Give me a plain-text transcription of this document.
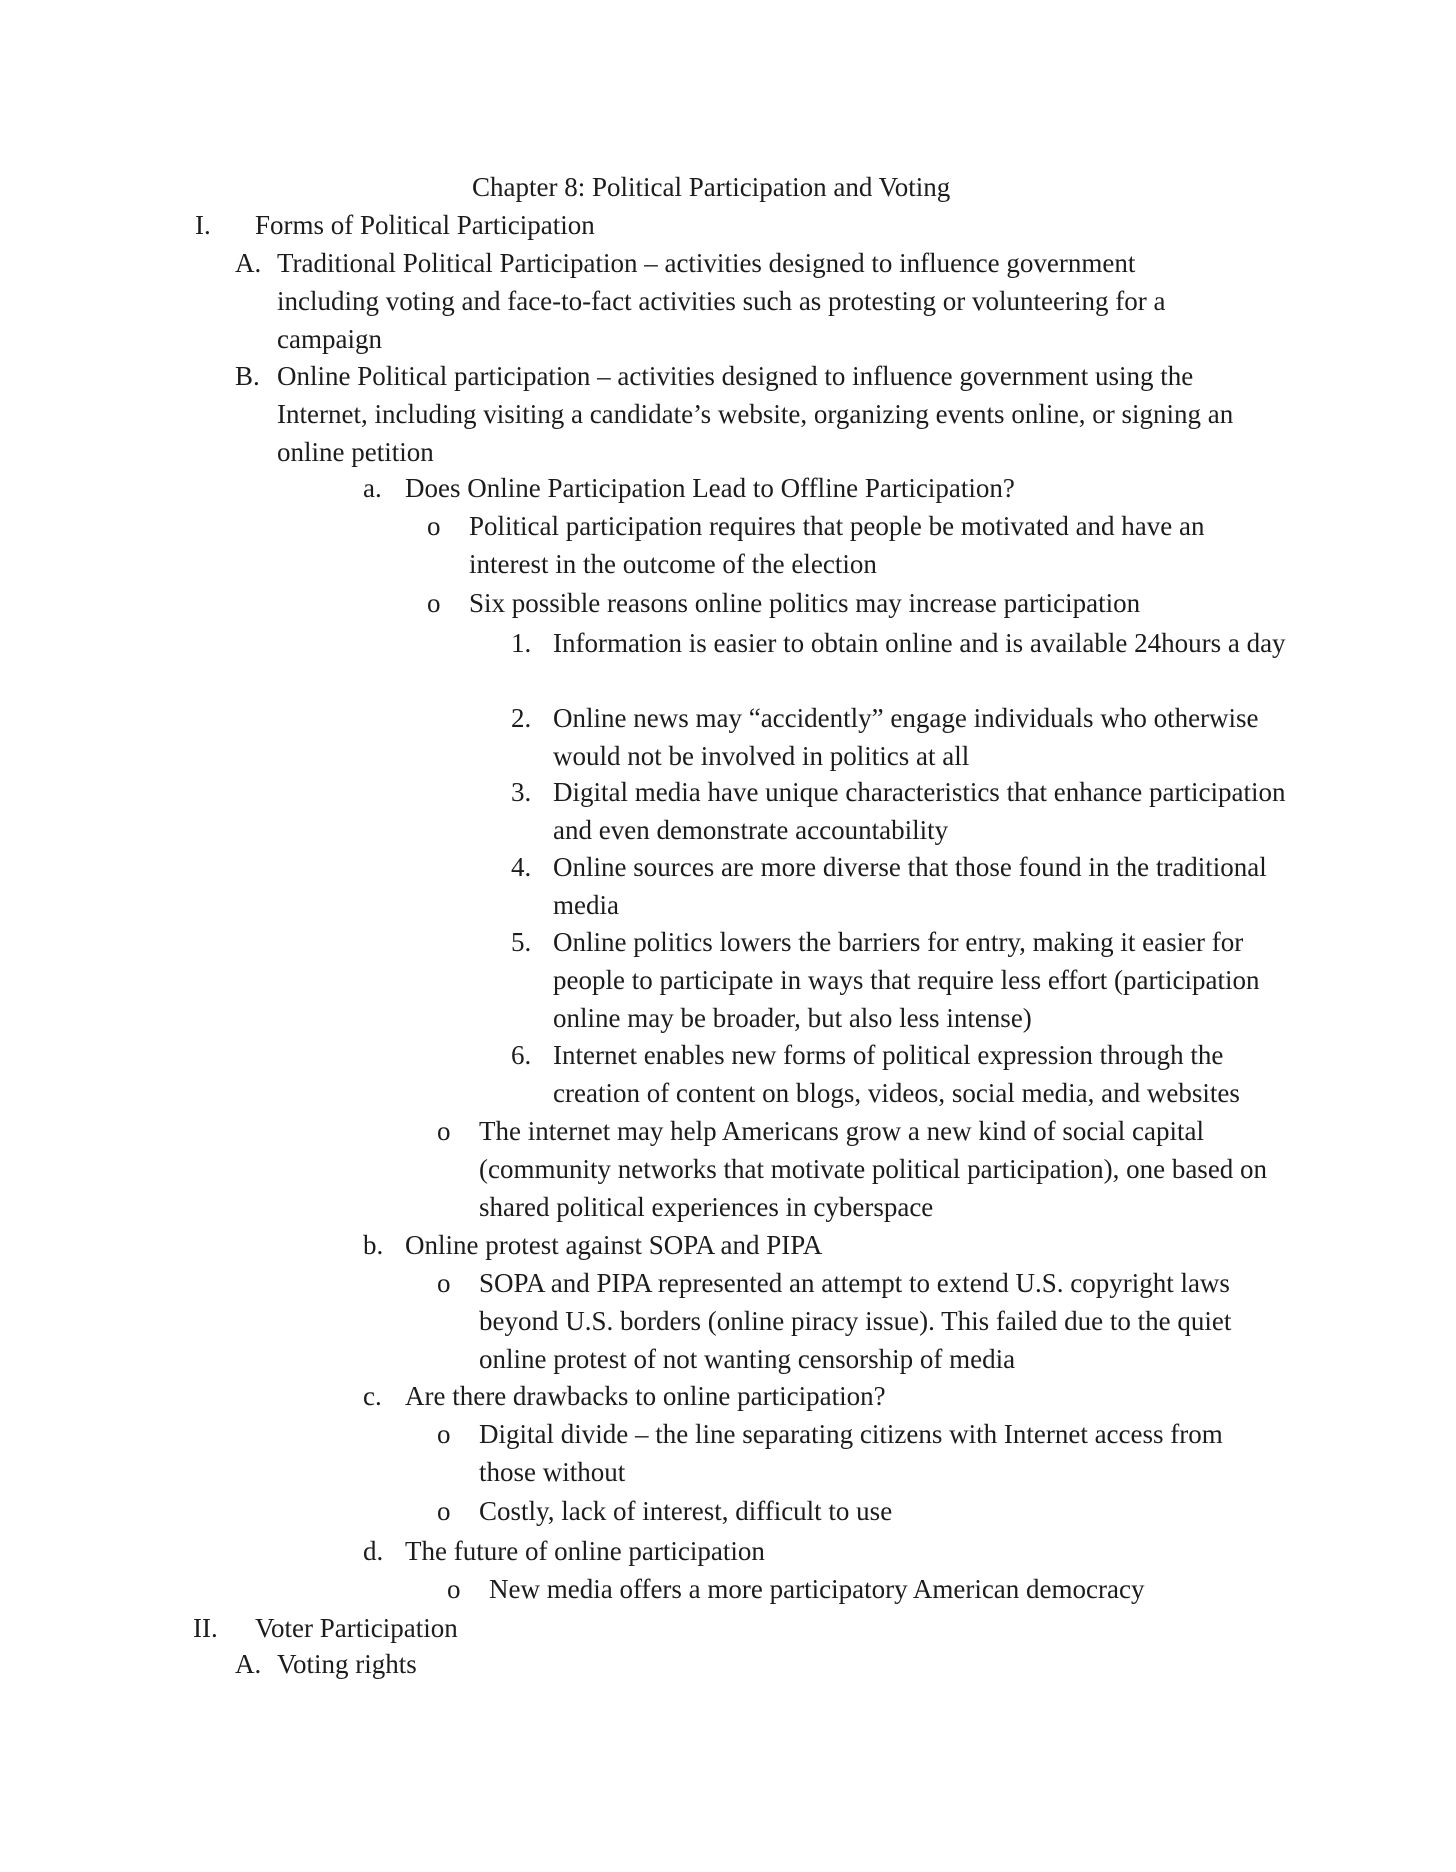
Chapter 8: Political Participation and Voting
I. Forms of Political Participation
A. Traditional Political Participation – activities designed to influence government including voting and face-to-fact activities such as protesting or volunteering for a campaign
B. Online Political participation – activities designed to influence government using the Internet, including visiting a candidate’s website, organizing events online, or signing an online petition
a. Does Online Participation Lead to Offline Participation?
o Political participation requires that people be motivated and have an interest in the outcome of the election
o Six possible reasons online politics may increase participation
1. Information is easier to obtain online and is available 24hours a day
2. Online news may “accidently” engage individuals who otherwise would not be involved in politics at all
3. Digital media have unique characteristics that enhance participation and even demonstrate accountability
4. Online sources are more diverse that those found in the traditional media
5. Online politics lowers the barriers for entry, making it easier for people to participate in ways that require less effort (participation online may be broader, but also less intense)
6. Internet enables new forms of political expression through the creation of content on blogs, videos, social media, and websites
o The internet may help Americans grow a new kind of social capital (community networks that motivate political participation), one based on shared political experiences in cyberspace
b. Online protest against SOPA and PIPA
o SOPA and PIPA represented an attempt to extend U.S. copyright laws beyond U.S. borders (online piracy issue). This failed due to the quiet online protest of not wanting censorship of media
c. Are there drawbacks to online participation?
o Digital divide – the line separating citizens with Internet access from those without
o Costly, lack of interest, difficult to use
d. The future of online participation
o New media offers a more participatory American democracy
II. Voter Participation
A. Voting rights
